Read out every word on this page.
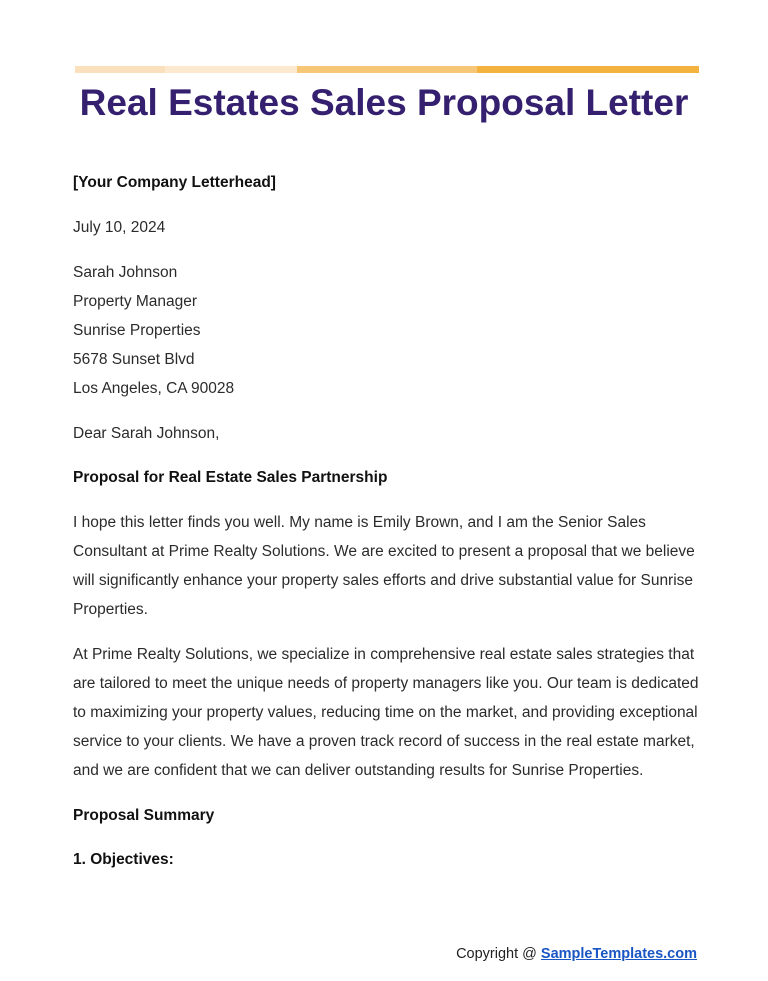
Real Estates Sales Proposal Letter

[Your Company Letterhead]

July 10, 2024

Sarah Johnson

Property Manager

Sunrise Properties

5678 Sunset Blvd

Los Angeles, CA 90028

Dear Sarah Johnson,

Proposal for Real Estate Sales Partnership

I hope this letter finds you well. My name is Emily Brown, and I am the Senior Sales Consultant at Prime Realty Solutions. We are excited to present a proposal that we believe will significantly enhance your property sales efforts and drive substantial value for Sunrise Properties.

At Prime Realty Solutions, we specialize in comprehensive real estate sales strategies that are tailored to meet the unique needs of property managers like you. Our team is dedicated to maximizing your property values, reducing time on the market, and providing exceptional service to your clients. We have a proven track record of success in the real estate market, and we are confident that we can deliver outstanding results for Sunrise Properties.

Proposal Summary

1. Objectives:

Copyright @ SampleTemplates.com
